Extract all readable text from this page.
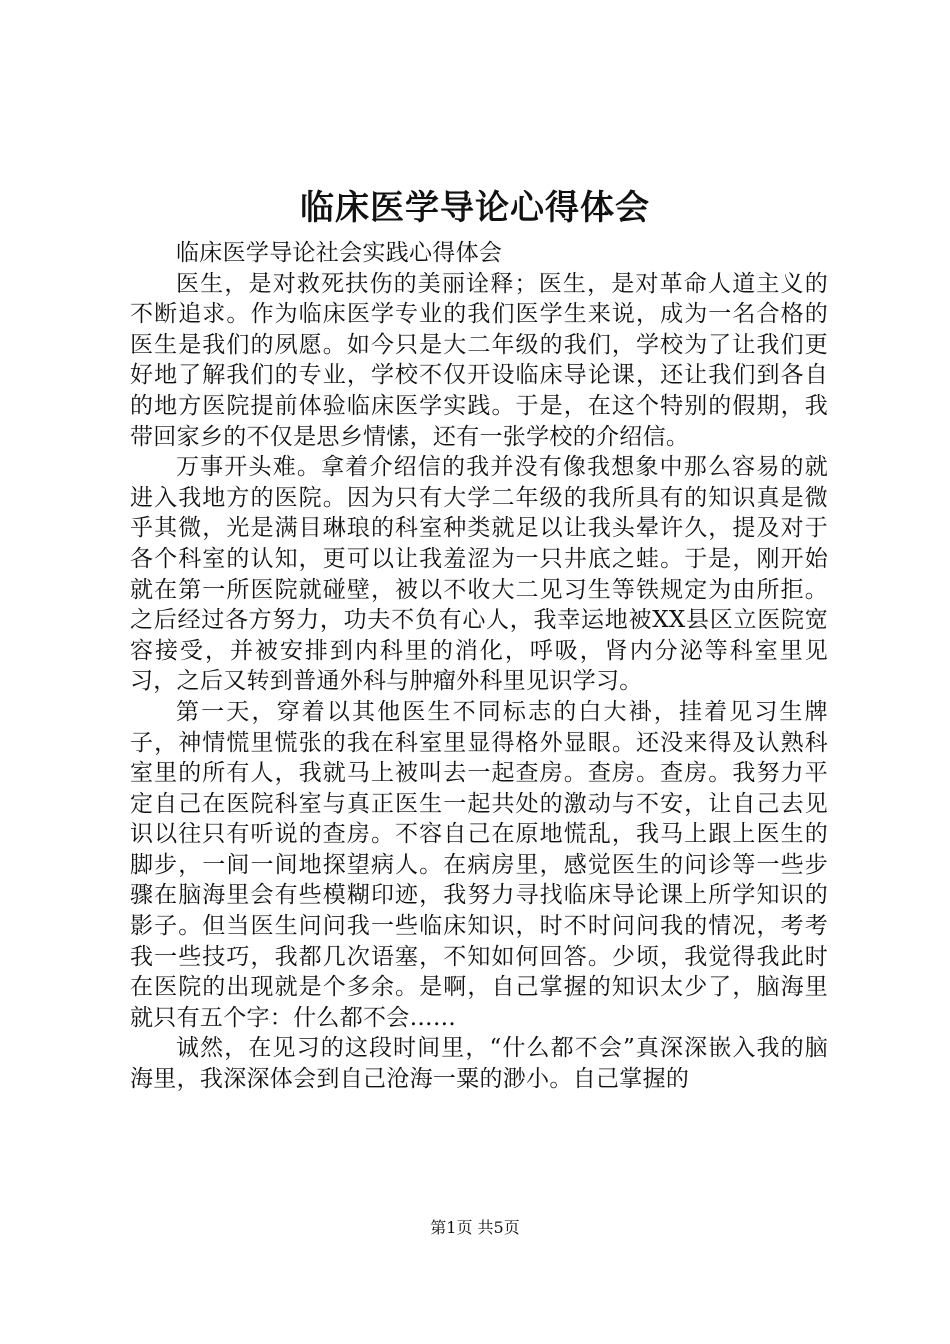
临床医学导论心得体会

临床医学导论社会实践心得体会

医生，是对救死扶伤的美丽诠释；医生，是对革命人道主义的不断追求。作为临床医学专业的我们医学生来说，成为一名合格的医生是我们的夙愿。如今只是大二年级的我们，学校为了让我们更好地了解我们的专业，学校不仅开设临床导论课，还让我们到各自的地方医院提前体验临床医学实践。于是，在这个特别的假期，我带回家乡的不仅是思乡情愫，还有一张学校的介绍信。

万事开头难。拿着介绍信的我并没有像我想象中那么容易的就进入我地方的医院。因为只有大学二年级的我所具有的知识真是微乎其微，光是满目琳琅的科室种类就足以让我头晕许久，提及对于各个科室的认知，更可以让我羞涩为一只井底之蛙。于是，刚开始就在第一所医院就碰壁，被以不收大二见习生等铁规定为由所拒。之后经过各方努力，功夫不负有心人，我幸运地被XX县区立医院宽容接受，并被安排到内科里的消化，呼吸，肾内分泌等科室里见习，之后又转到普通外科与肿瘤外科里见识学习。

第一天，穿着以其他医生不同标志的白大褂，挂着见习生牌子，神情慌里慌张的我在科室里显得格外显眼。还没来得及认熟科室里的所有人，我就马上被叫去一起查房。查房。查房。我努力平定自己在医院科室与真正医生一起共处的激动与不安，让自己去见识以往只有听说的查房。不容自己在原地慌乱，我马上跟上医生的脚步，一间一间地探望病人。在病房里，感觉医生的问诊等一些步骤在脑海里会有些模糊印迹，我努力寻找临床导论课上所学知识的影子。但当医生问问我一些临床知识，时不时问问我的情况，考考我一些技巧，我都几次语塞，不知如何回答。少顷，我觉得我此时在医院的出现就是个多余。是啊，自己掌握的知识太少了，脑海里就只有五个字：什么都不会……

诚然，在见习的这段时间里，“什么都不会”真深深嵌入我的脑海里，我深深体会到自己沧海一粟的渺小。自己掌握的

第1页 共5页
